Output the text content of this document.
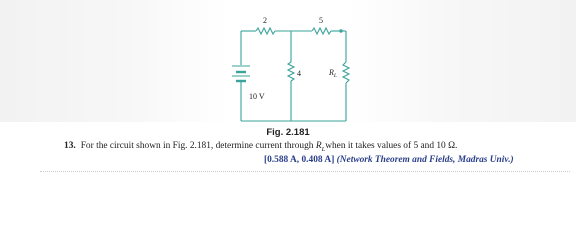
2	5
4
10 V
$R_L$
Fig. 2.181
13. For the circuit shown in Fig. 2.181, determine current through $R_Lwhen$ it takes values of 5 and 10 Ω.
[0.588 A, 0.408 A] (Network Theorem and Fields, Madras Univ.)
